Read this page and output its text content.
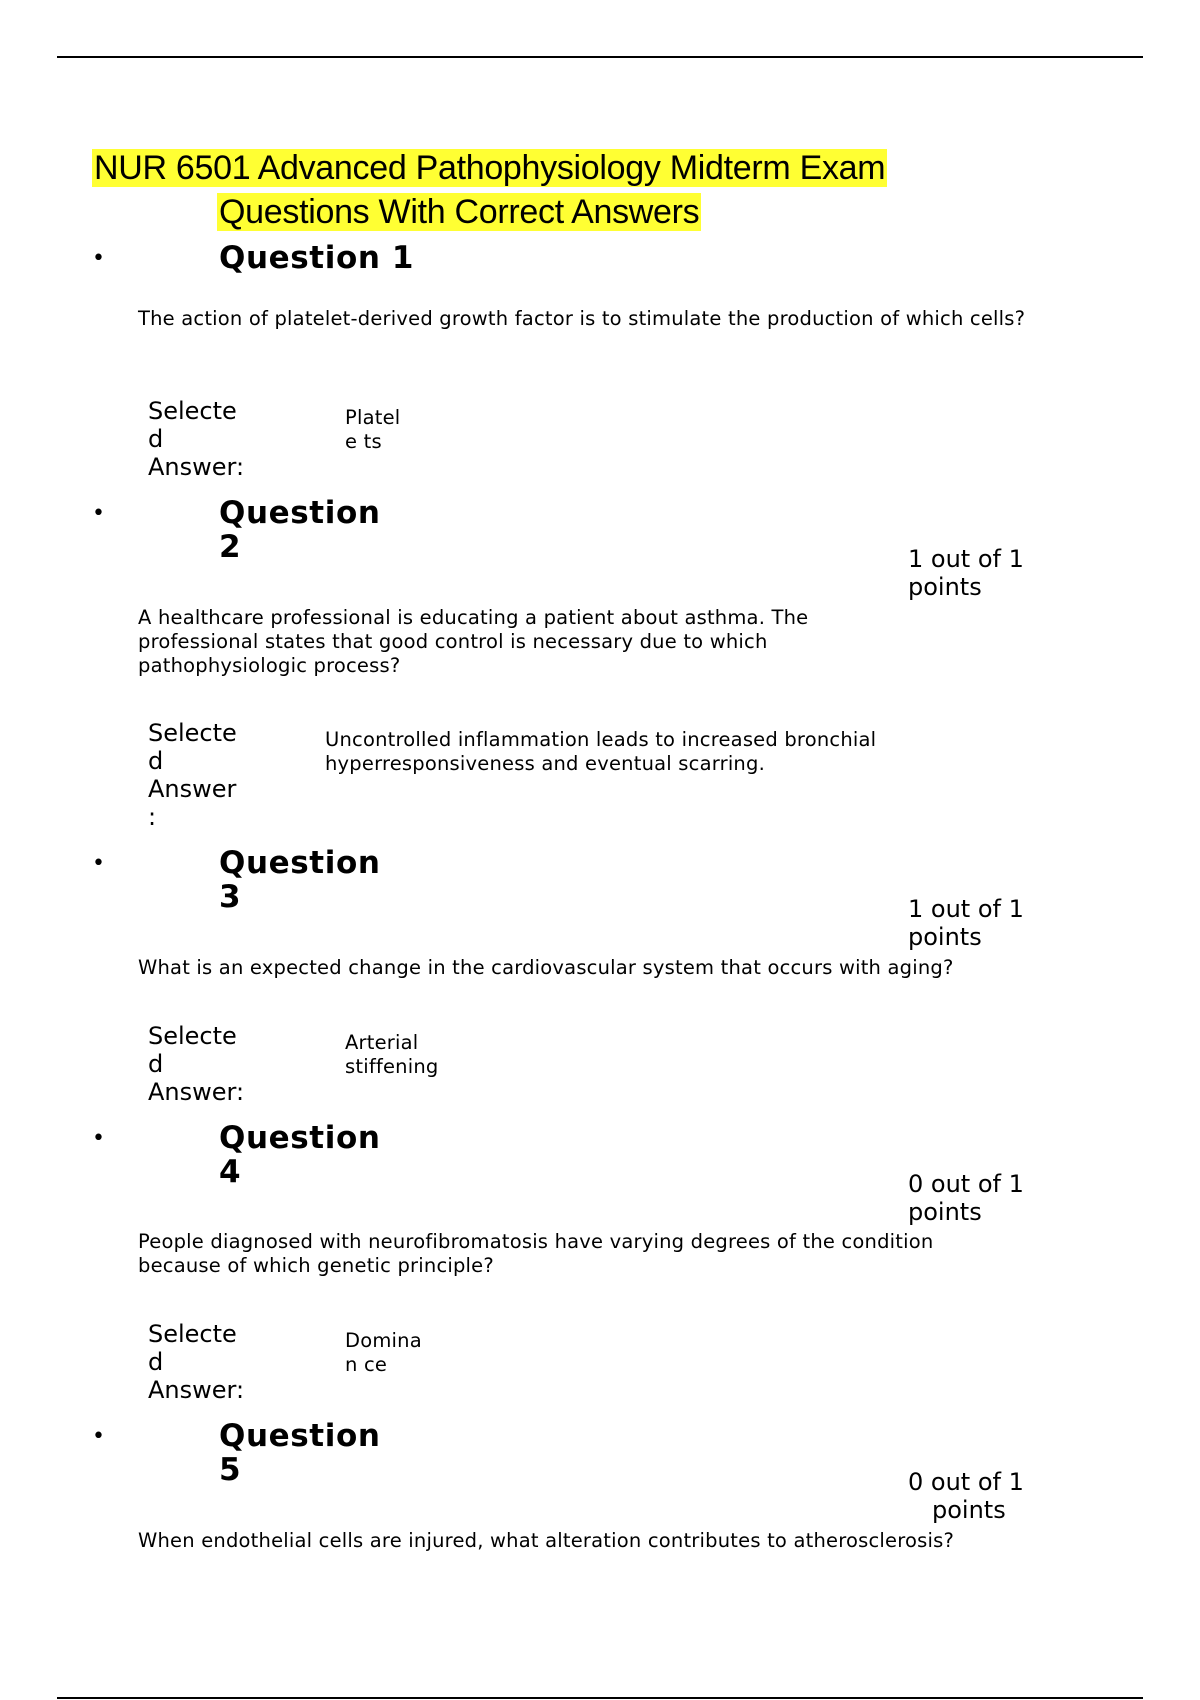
NUR 6501 Advanced Pathophysiology Midterm Exam
Questions With Correct Answers
•	Question 1
The action of platelet-derived growth factor is to stimulate the production of which cells?
Selecte
d
Answer:
Platel
e ts
•	Question
2	1 out of 1
points
A healthcare professional is educating a patient about asthma. The professional states that good control is necessary due to which pathophysiologic process?
Selecte
d
Answer
:
Uncontrolled inflammation leads to increased bronchial
hyperresponsiveness and eventual scarring.
•	Question
3	1 out of 1
points
What is an expected change in the cardiovascular system that occurs with aging?
Selecte
d
Answer:
Arterial
stiffening
•	Question
4	0 out of 1
points
People diagnosed with neurofibromatosis have varying degrees of the condition because of which genetic principle?
Selecte
d
Answer:
Domina
n ce
•	Question
5	0 out of 1
points
When endothelial cells are injured, what alteration contributes to atherosclerosis?
